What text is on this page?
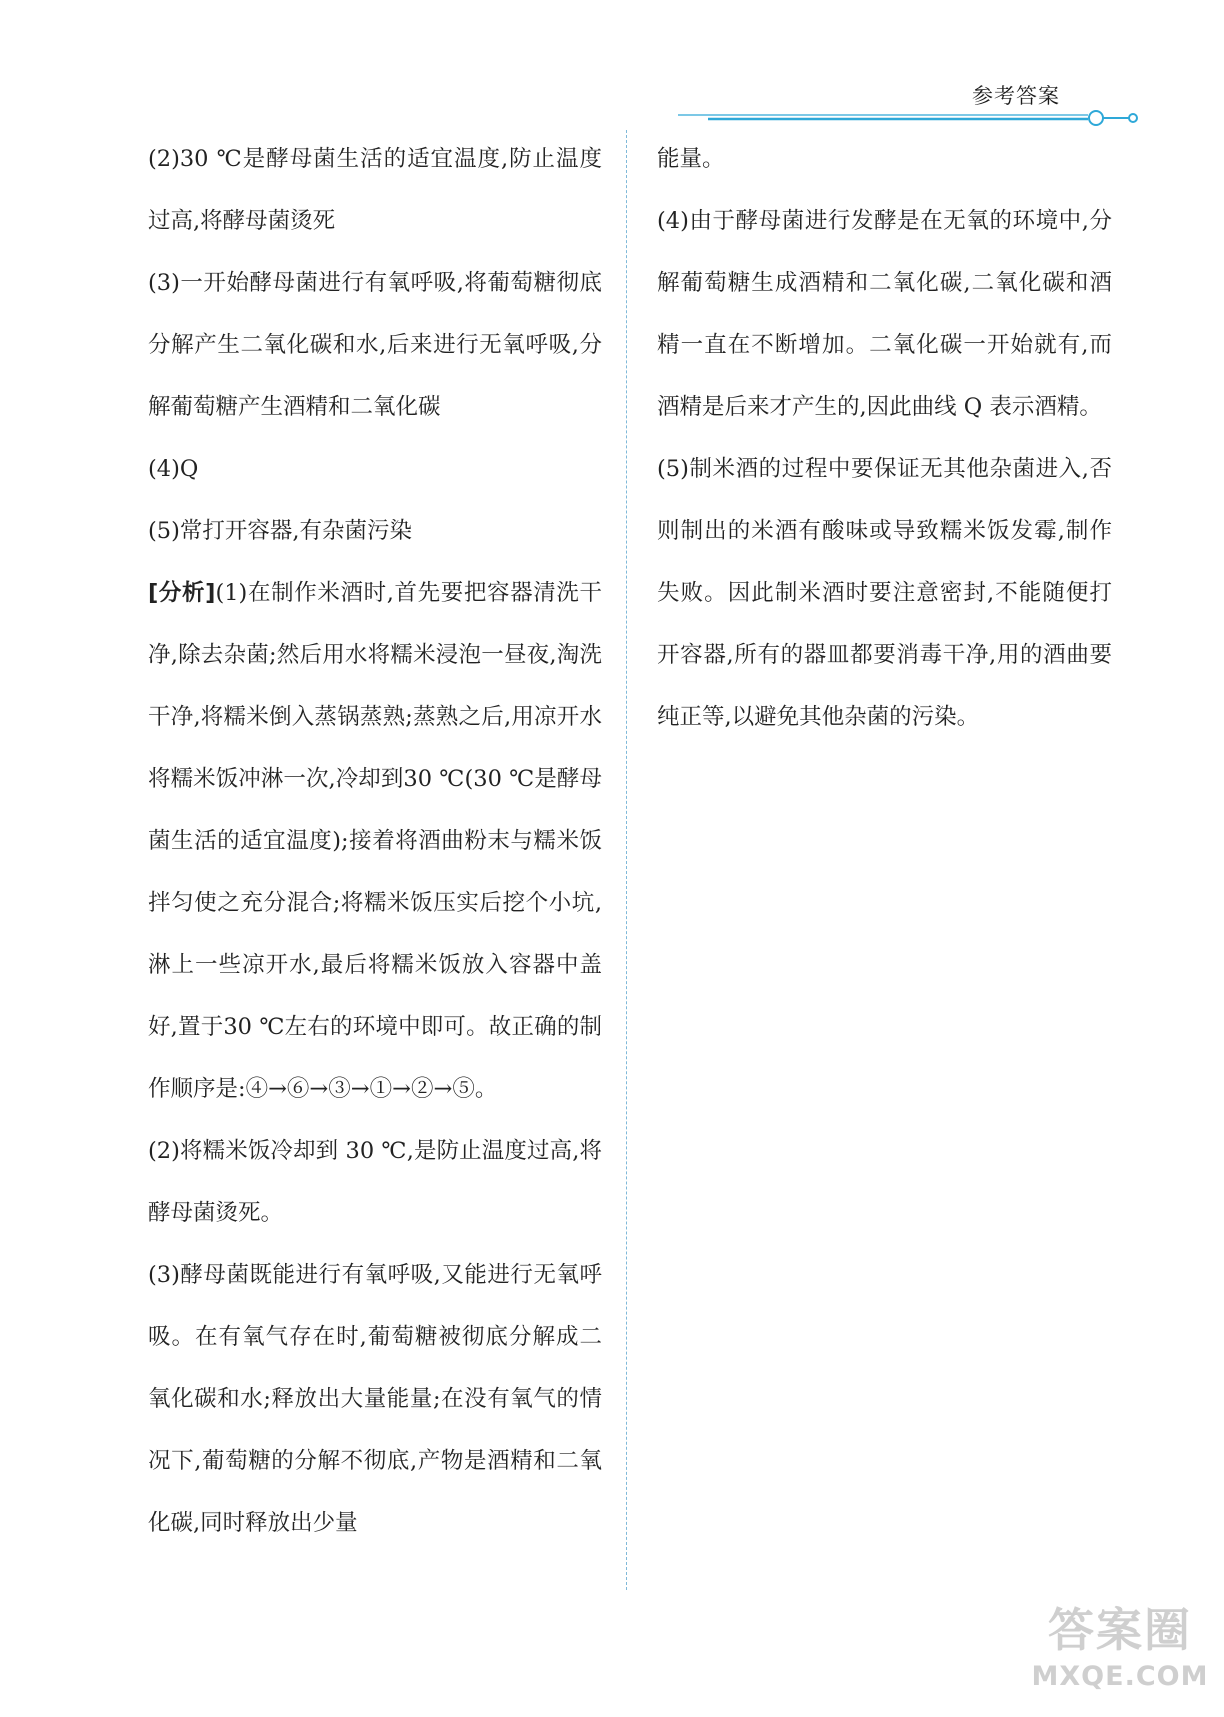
参考答案

(2)30 ℃是酵母菌生活的适宜温度,防止温度过高,将酵母菌烫死

(3)一开始酵母菌进行有氧呼吸,将葡萄糖彻底分解产生二氧化碳和水,后来进行无氧呼吸,分解葡萄糖产生酒精和二氧化碳

(4)Q

(5)常打开容器,有杂菌污染

[分析](1)在制作米酒时,首先要把容器清洗干净,除去杂菌;然后用水将糯米浸泡一昼夜,淘洗干净,将糯米倒入蒸锅蒸熟;蒸熟之后,用凉开水将糯米饭冲淋一次,冷却到30 ℃(30 ℃是酵母菌生活的适宜温度);接着将酒曲粉末与糯米饭拌匀使之充分混合;将糯米饭压实后挖个小坑,淋上一些凉开水,最后将糯米饭放入容器中盖好,置于30 ℃左右的环境中即可。故正确的制作顺序是:④→⑥→③→①→②→⑤。

(2)将糯米饭冷却到 30 ℃,是防止温度过高,将酵母菌烫死。

(3)酵母菌既能进行有氧呼吸,又能进行无氧呼吸。在有氧气存在时,葡萄糖被彻底分解成二氧化碳和水;释放出大量能量;在没有氧气的情况下,葡萄糖的分解不彻底,产物是酒精和二氧化碳,同时释放出少量

能量。

(4)由于酵母菌进行发酵是在无氧的环境中,分解葡萄糖生成酒精和二氧化碳,二氧化碳和酒精一直在不断增加。二氧化碳一开始就有,而酒精是后来才产生的,因此曲线 Q 表示酒精。

(5)制米酒的过程中要保证无其他杂菌进入,否则制出的米酒有酸味或导致糯米饭发霉,制作失败。因此制米酒时要注意密封,不能随便打开容器,所有的器皿都要消毒干净,用的酒曲要纯正等,以避免其他杂菌的污染。

答案圈
MXQE.COM
